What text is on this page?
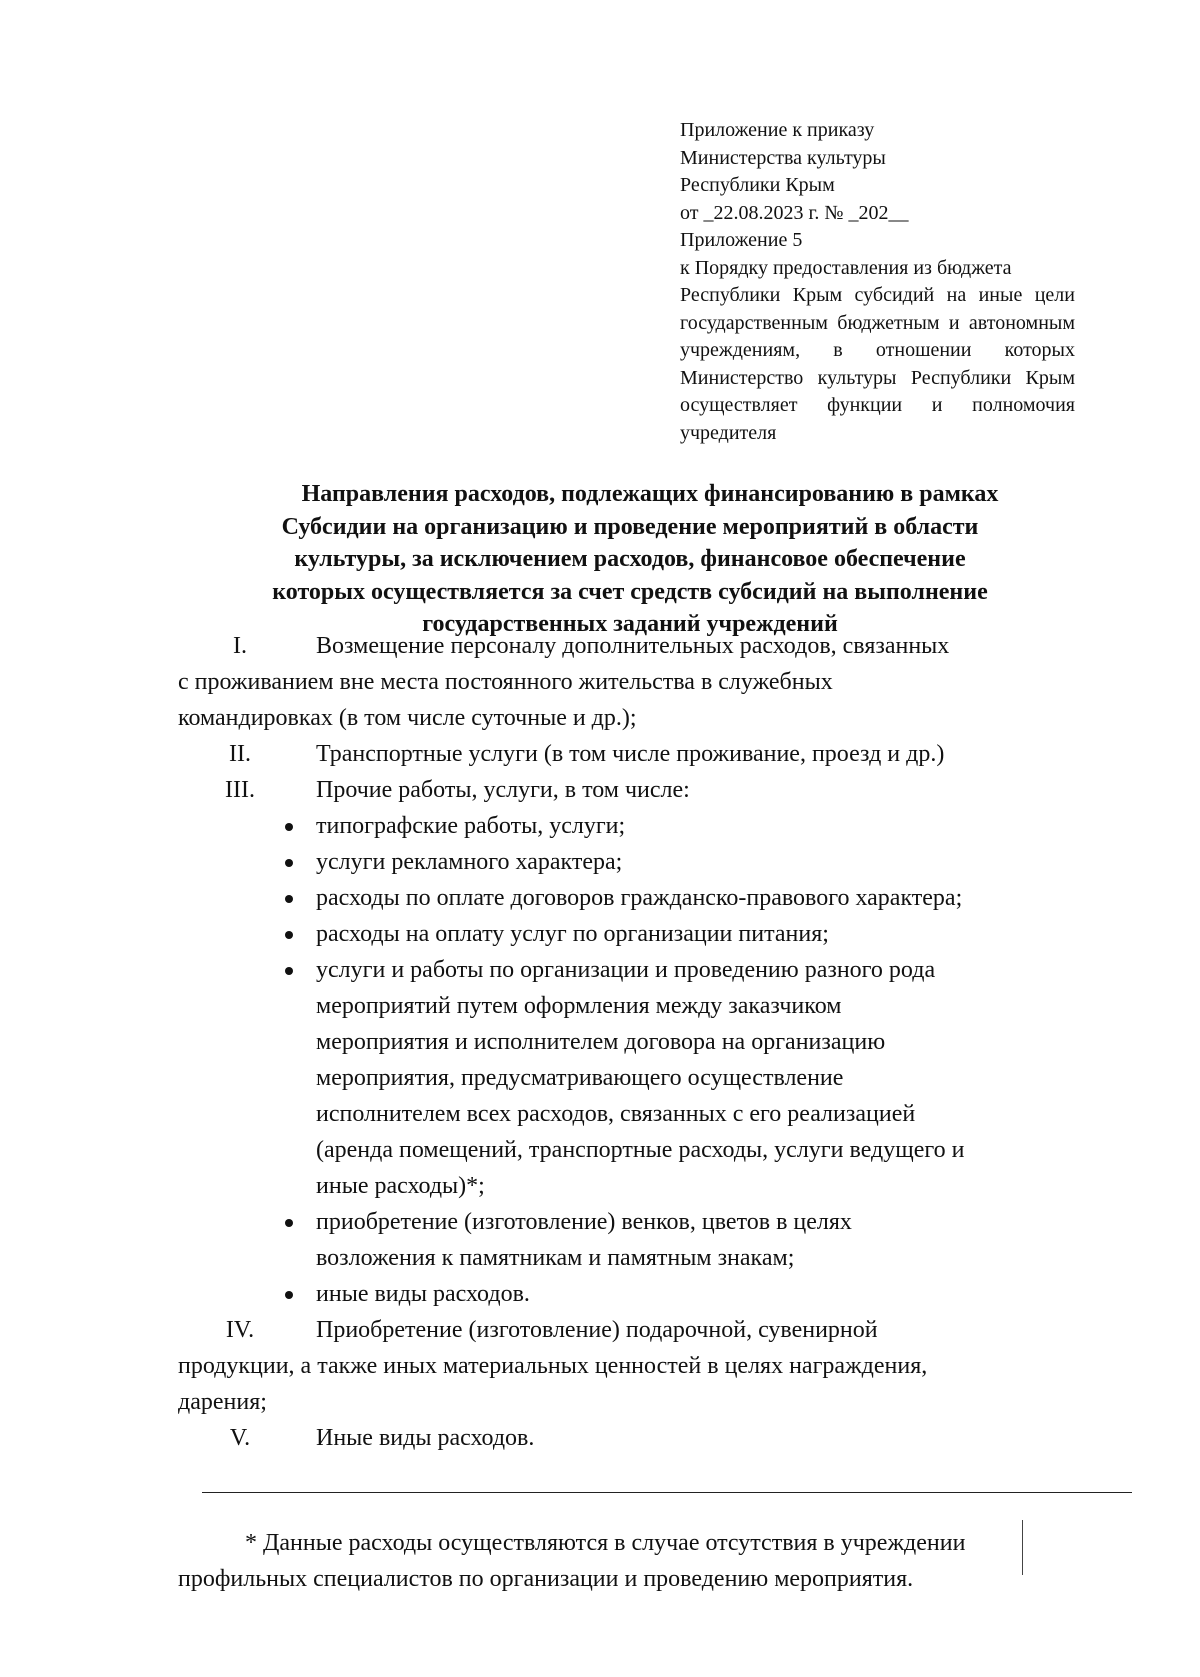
Приложение к приказу
Министерства культуры
Республики Крым
от _22.08.2023 г. № _202__
Приложение 5
к Порядку предоставления из бюджета
Республики Крым субсидий на иные цели государственным бюджетным и автономным учреждениям, в отношении которых Министерство культуры Республики Крым осуществляет функции и полномочия учредителя
Направления расходов, подлежащих финансированию в рамках
Субсидии на организацию и проведение мероприятий в области
культуры, за исключением расходов, финансовое обеспечение
которых осуществляется за счет средств субсидий на выполнение
государственных заданий учреждений
I.	Возмещение персоналу дополнительных расходов, связанных
с проживанием вне места постоянного жительства в служебных
командировках (в том числе суточные и др.);
II.	Транспортные услуги (в том числе проживание, проезд и др.)
III.	Прочие работы, услуги, в том числе:
типографские работы, услуги;
услуги рекламного характера;
расходы по оплате договоров гражданско-правового характера;
расходы на оплату услуг по организации питания;
услуги и работы по организации и проведению разного рода
мероприятий путем оформления между заказчиком
мероприятия и исполнителем договора на организацию
мероприятия, предусматривающего осуществление
исполнителем всех расходов, связанных с его реализацией
(аренда помещений, транспортные расходы, услуги ведущего и
иные расходы)*;
приобретение (изготовление) венков, цветов в целях
возложения к памятникам и памятным знакам;
иные виды расходов.
IV.	Приобретение (изготовление) подарочной, сувенирной
продукции, а также иных материальных ценностей в целях награждения,
дарения;
V.	Иные виды расходов.
* Данные расходы осуществляются в случае отсутствия в учреждении
профильных специалистов по организации и проведению мероприятия.
